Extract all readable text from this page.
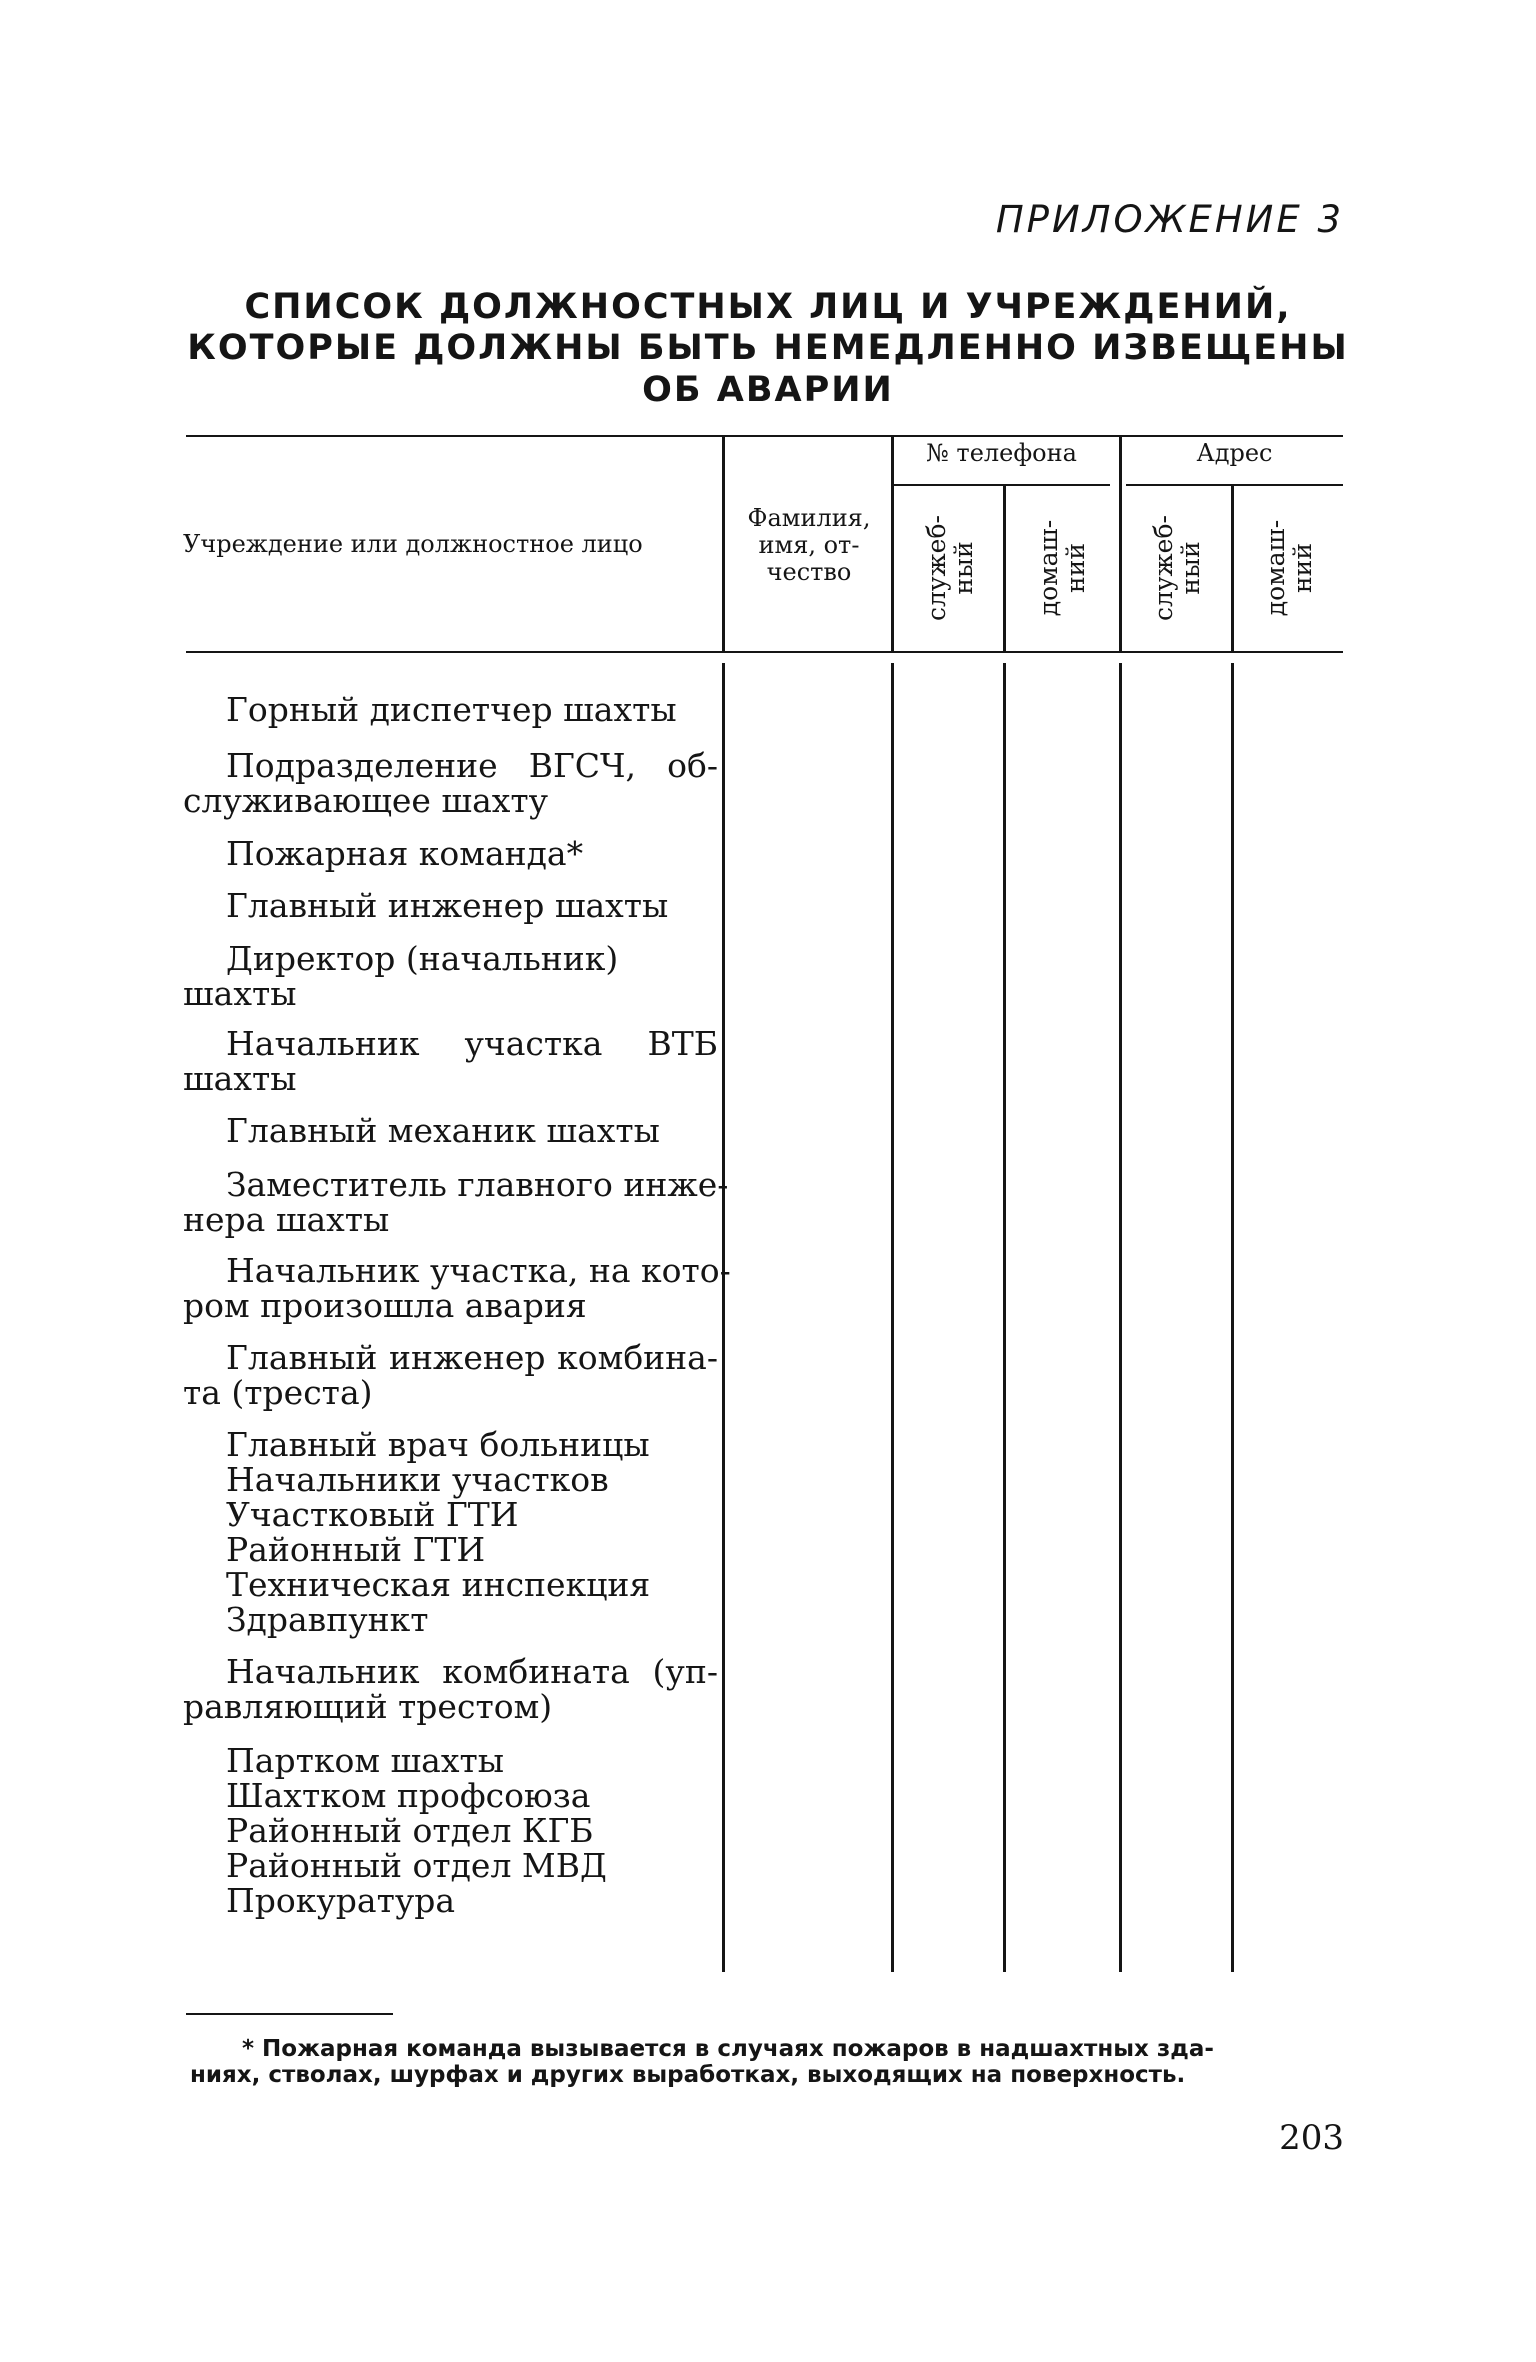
ПРИЛОЖЕНИЕ 3
СПИСОК ДОЛЖНОСТНЫХ ЛИЦ И УЧРЕЖДЕНИЙ,
КОТОРЫЕ ДОЛЖНЫ БЫТЬ НЕМЕДЛЕННО ИЗВЕЩЕНЫ
ОБ АВАРИИ
Учреждение или должностное лицо
Фамилия,
имя, от-
чество
№ телефона	Адрес
служеб-
ный домаш-
ний служеб-
ный домаш-
ний
Горный диспетчер шахты
Подразделение ВГСЧ, об-
служивающее шахту
Пожарная команда*
Главный инженер шахты
Директор (начальник)
шахты
Начальник участка ВТБ
шахты
Главный механик шахты
Заместитель главного инже-
нера шахты
Начальник участка, на кото-
ром произошла авария
Главный инженер комбина-
та (треста)
Главный врач больницы
Начальники участков
Участковый ГТИ
Районный ГТИ
Техническая инспекция
Здравпункт
Начальник комбината (уп-
равляющий трестом)
Партком шахты
Шахтком профсоюза
Районный отдел КГБ
Районный отдел МВД
Прокуратура
* Пожарная команда вызывается в случаях пожаров в надшахтных зда-
ниях, стволах, шурфах и других выработках, выходящих на поверхность.
203
